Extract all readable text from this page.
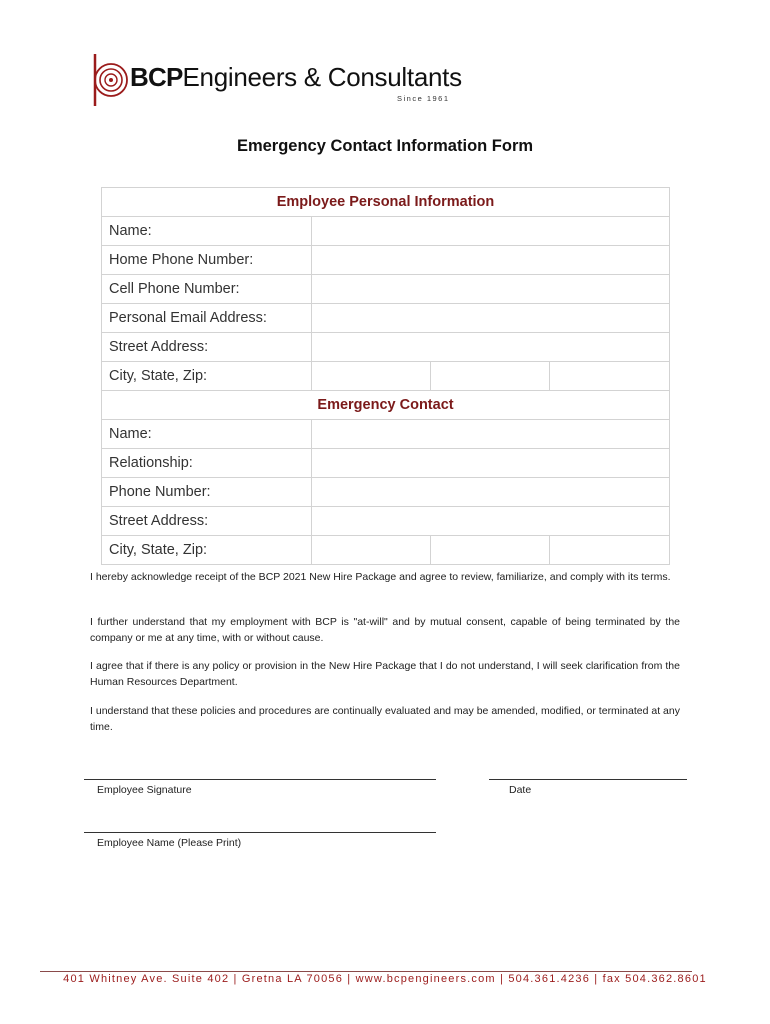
BCPEngineers & Consultants
Since 1961
Emergency Contact Information Form
Employee Personal Information			
Name:			
Home Phone Number:			
Cell Phone Number:			
Personal Email Address:			
Street Address:			
City, State, Zip:			
Emergency Contact			
Name:			
Relationship:			
Phone Number:			
Street Address:			
City, State, Zip:			

I hereby acknowledge receipt of the BCP 2021 New Hire Package and agree to review, familiarize, and comply with its terms.

I further understand that my employment with BCP is "at-will" and by mutual consent, capable of being terminated by the company or me at any time, with or without cause.

I agree that if there is any policy or provision in the New Hire Package that I do not understand, I will seek clarification from the Human Resources Department.

I understand that these policies and procedures are continually evaluated and may be amended, modified, or terminated at any time.

Employee Signature	Date
Employee Name (Please Print)
401 Whitney Ave. Suite 402 | Gretna LA 70056 | www.bcpengineers.com | 504.361.4236 | fax 504.362.8601
